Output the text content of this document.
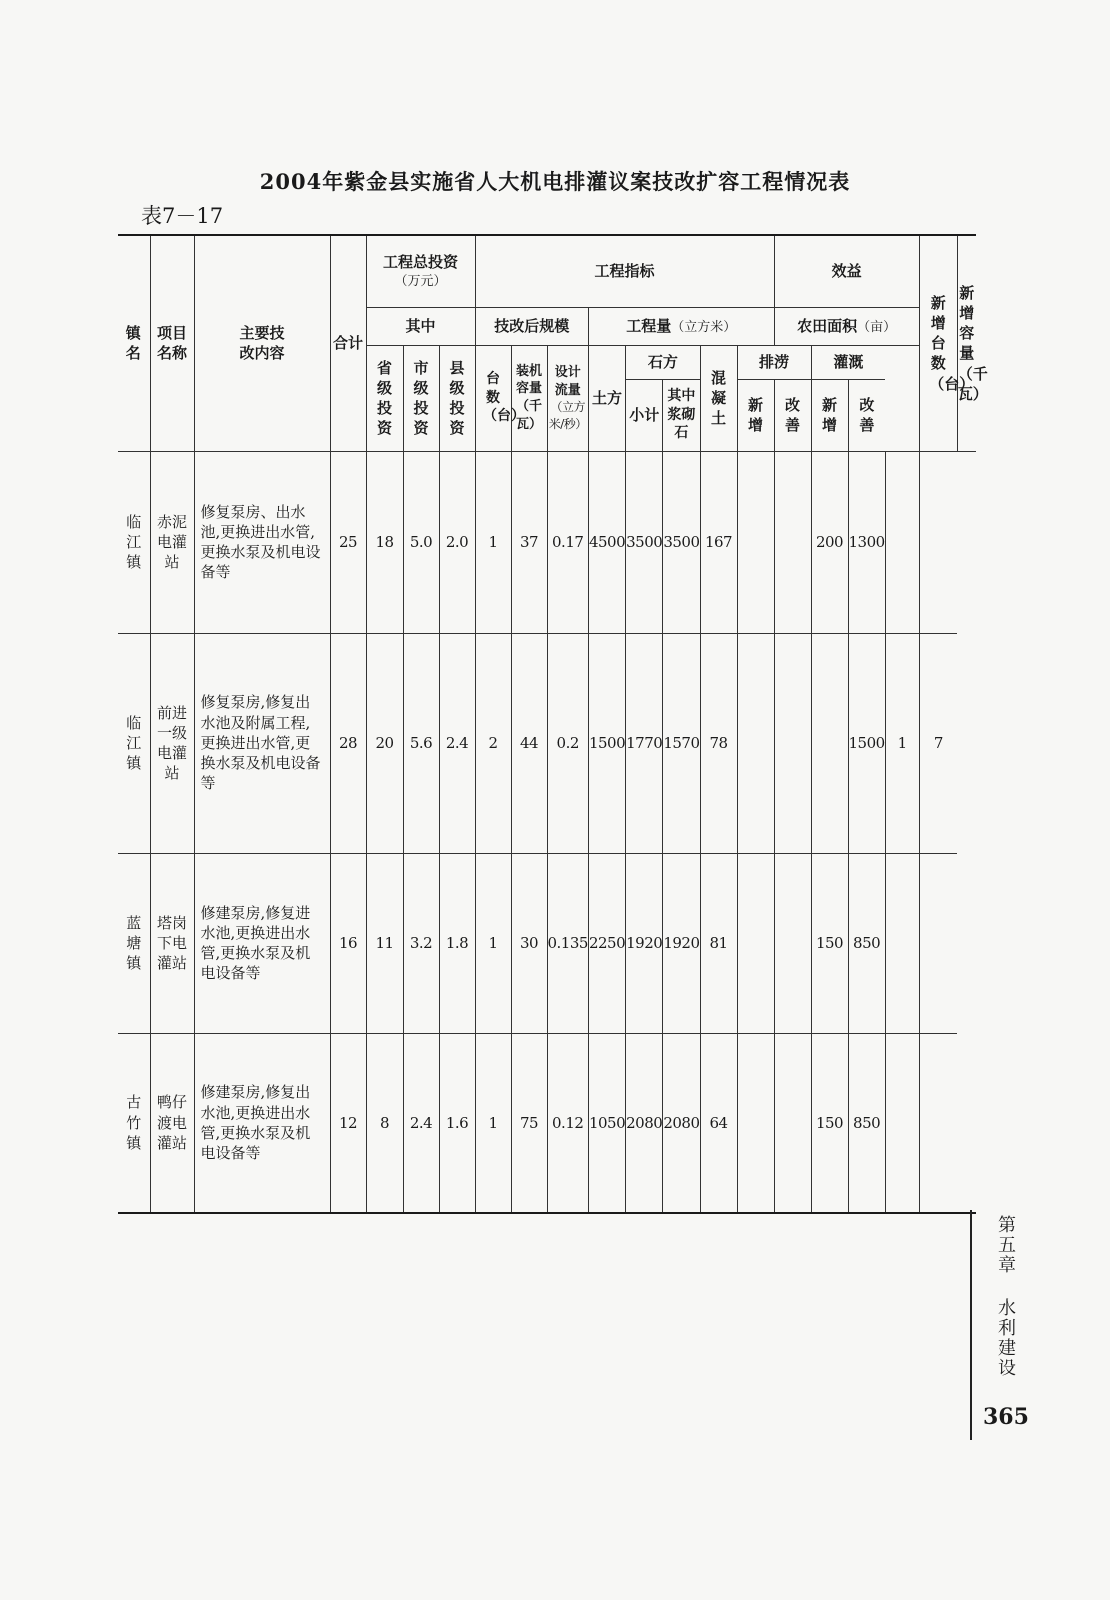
2004年紫金县实施省人大机电排灌议案技改扩容工程情况表
表7－17
镇名	项目名称	主要技改内容	合计	工程总投资
（万元）			工程指标								效益				新增台数（台）	新增容量（千瓦）
				其中			技改后规模			工程量（立方米）					农田面积（亩）					
				省级投资	市级投资	县级投资	台数（台）	装机容量（千瓦）	设计流量
（立方米/秒）	土方	石方		混凝土	排涝		灌溉				
											小计	其中浆砌石		新增	改善	新增	改善			
临江镇	赤泥电灌站	修复泵房、出水池,更换进出水管,更换水泵及机电设备等	25	18	5.0	2.0	1	37	0.17	4500	3500	3500	167			200	1300			
临江镇	前进一级电灌站	修复泵房,修复出水池及附属工程,更换进出水管,更换水泵及机电设备等	28	20	5.6	2.4	2	44	0.2	1500	1770	1570	78				1500	1	7	
蓝塘镇	塔岗下电灌站	修建泵房,修复进水池,更换进出水管,更换水泵及机电设备等	16	11	3.2	1.8	1	30	0.135	2250	1920	1920	81			150	850			
古竹镇	鸭仔渡电灌站	修建泵房,修复出水池,更换进出水管,更换水泵及机电设备等	12	8	2.4	1.6	1	75	0.12	1050	2080	2080	64			150	850			
第五章 水利建设
365
